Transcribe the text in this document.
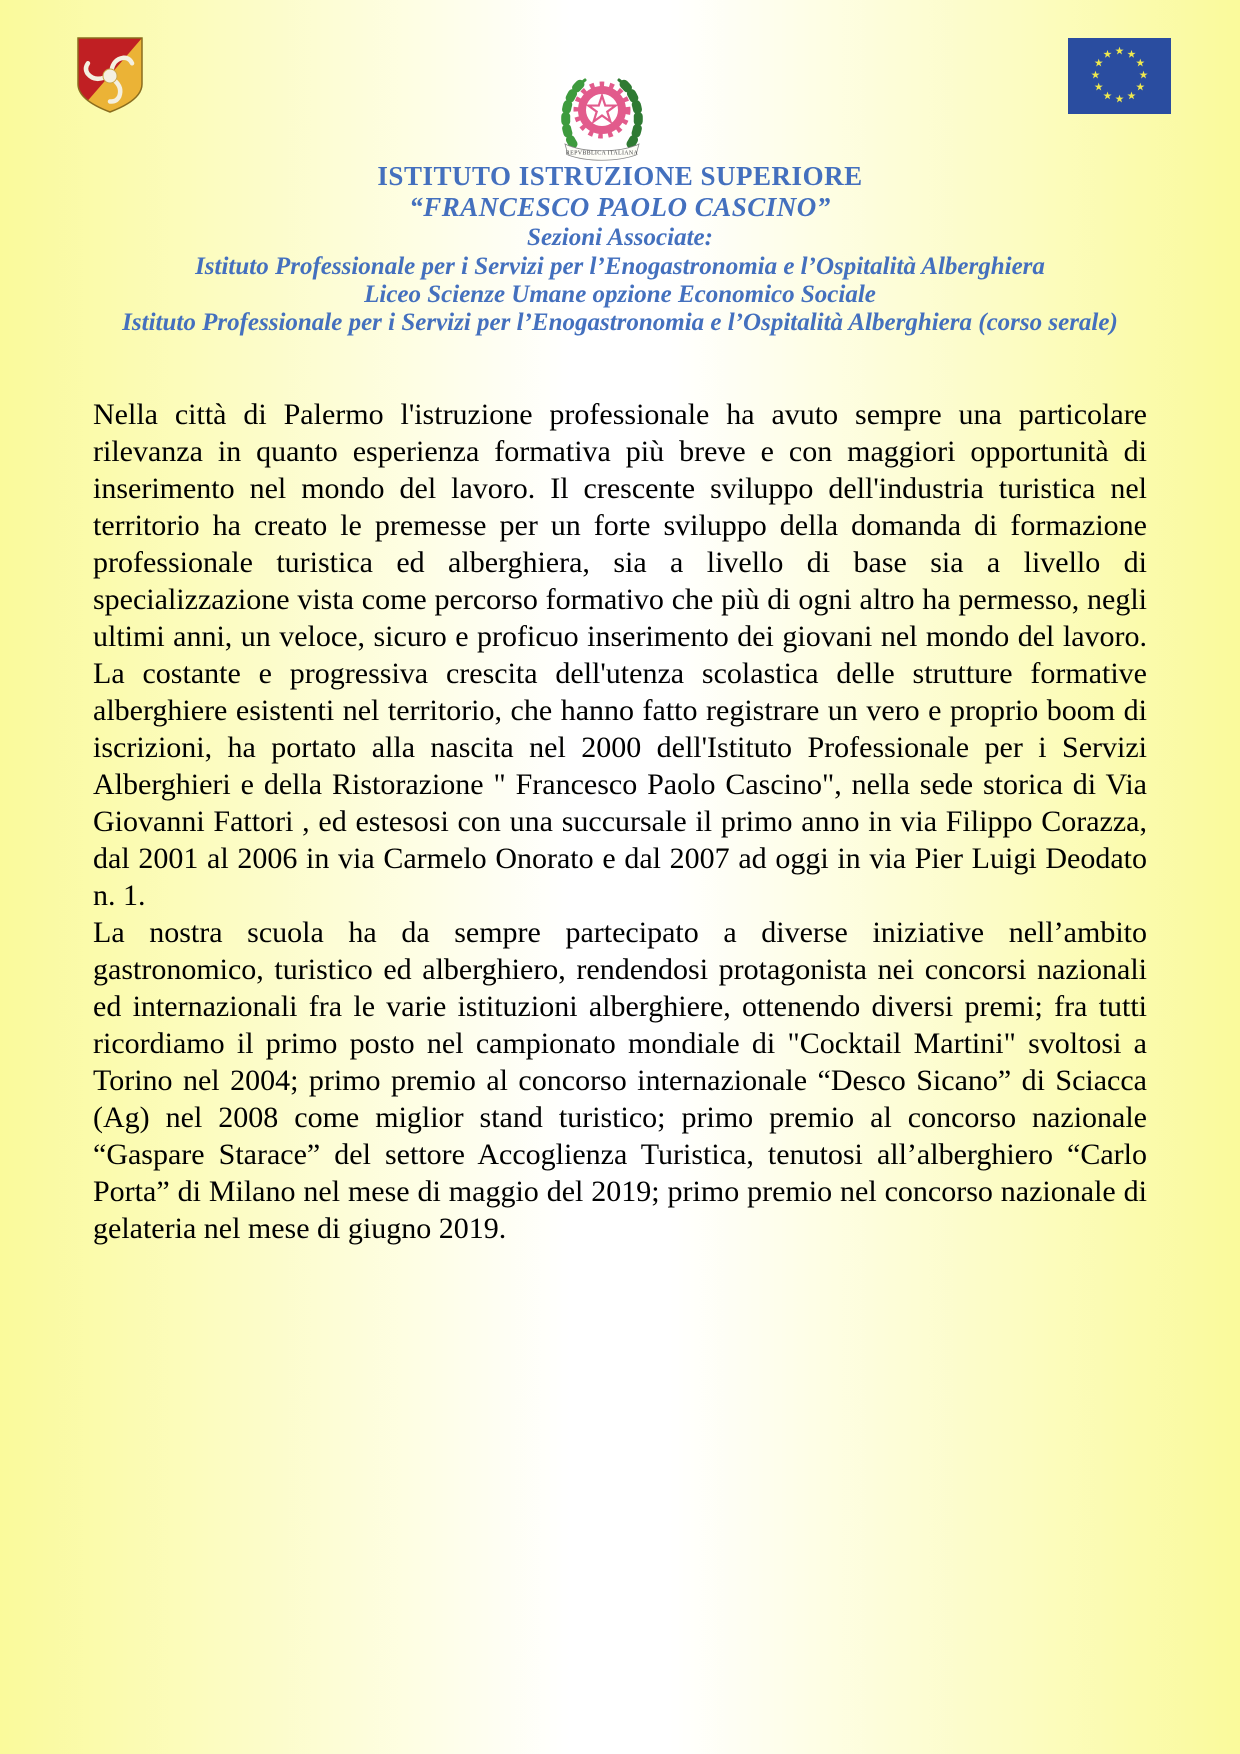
REPVBBLICA ITALIANA
ISTITUTO ISTRUZIONE SUPERIORE
“FRANCESCO PAOLO CASCINO”
Sezioni Associate:
Istituto Professionale per i Servizi per l’Enogastronomia e l’Ospitalità Alberghiera
Liceo Scienze Umane opzione Economico Sociale
Istituto Professionale per i Servizi per l’Enogastronomia e l’Ospitalità Alberghiera (corso serale)

Nella città di Palermo l'istruzione professionale ha avuto sempre una particolare rilevanza in quanto esperienza formativa più breve e con maggiori opportunità di inserimento nel mondo del lavoro. Il crescente sviluppo dell'industria turistica nel territorio ha creato le premesse per un forte sviluppo della domanda di formazione professionale turistica ed alberghiera, sia a livello di base sia a livello di specializzazione vista come percorso formativo che più di ogni altro ha permesso, negli ultimi anni, un veloce, sicuro e proficuo inserimento dei giovani nel mondo del lavoro. La costante e progressiva crescita dell'utenza scolastica delle strutture formative alberghiere esistenti nel territorio, che hanno fatto registrare un vero e proprio boom di iscrizioni, ha portato alla nascita nel 2000 dell'Istituto Professionale per i Servizi Alberghieri e della Ristorazione " Francesco Paolo Cascino", nella sede storica di Via Giovanni Fattori , ed estesosi con una succursale il primo anno in via Filippo Corazza, dal 2001 al 2006 in via Carmelo Onorato e dal 2007 ad oggi in via Pier Luigi Deodato n. 1.

La nostra scuola ha da sempre partecipato a diverse iniziative nell’ambito gastronomico, turistico ed alberghiero, rendendosi protagonista nei concorsi nazionali ed internazionali fra le varie istituzioni alberghiere, ottenendo diversi premi; fra tutti ricordiamo il primo posto nel campionato mondiale di "Cocktail Martini" svoltosi a Torino nel 2004; primo premio al concorso internazionale “Desco Sicano” di Sciacca (Ag) nel 2008 come miglior stand turistico; primo premio al concorso nazionale “Gaspare Starace” del settore Accoglienza Turistica, tenutosi all’alberghiero “Carlo Porta” di Milano nel mese di maggio del 2019; primo premio nel concorso nazionale di gelateria nel mese di giugno 2019.
